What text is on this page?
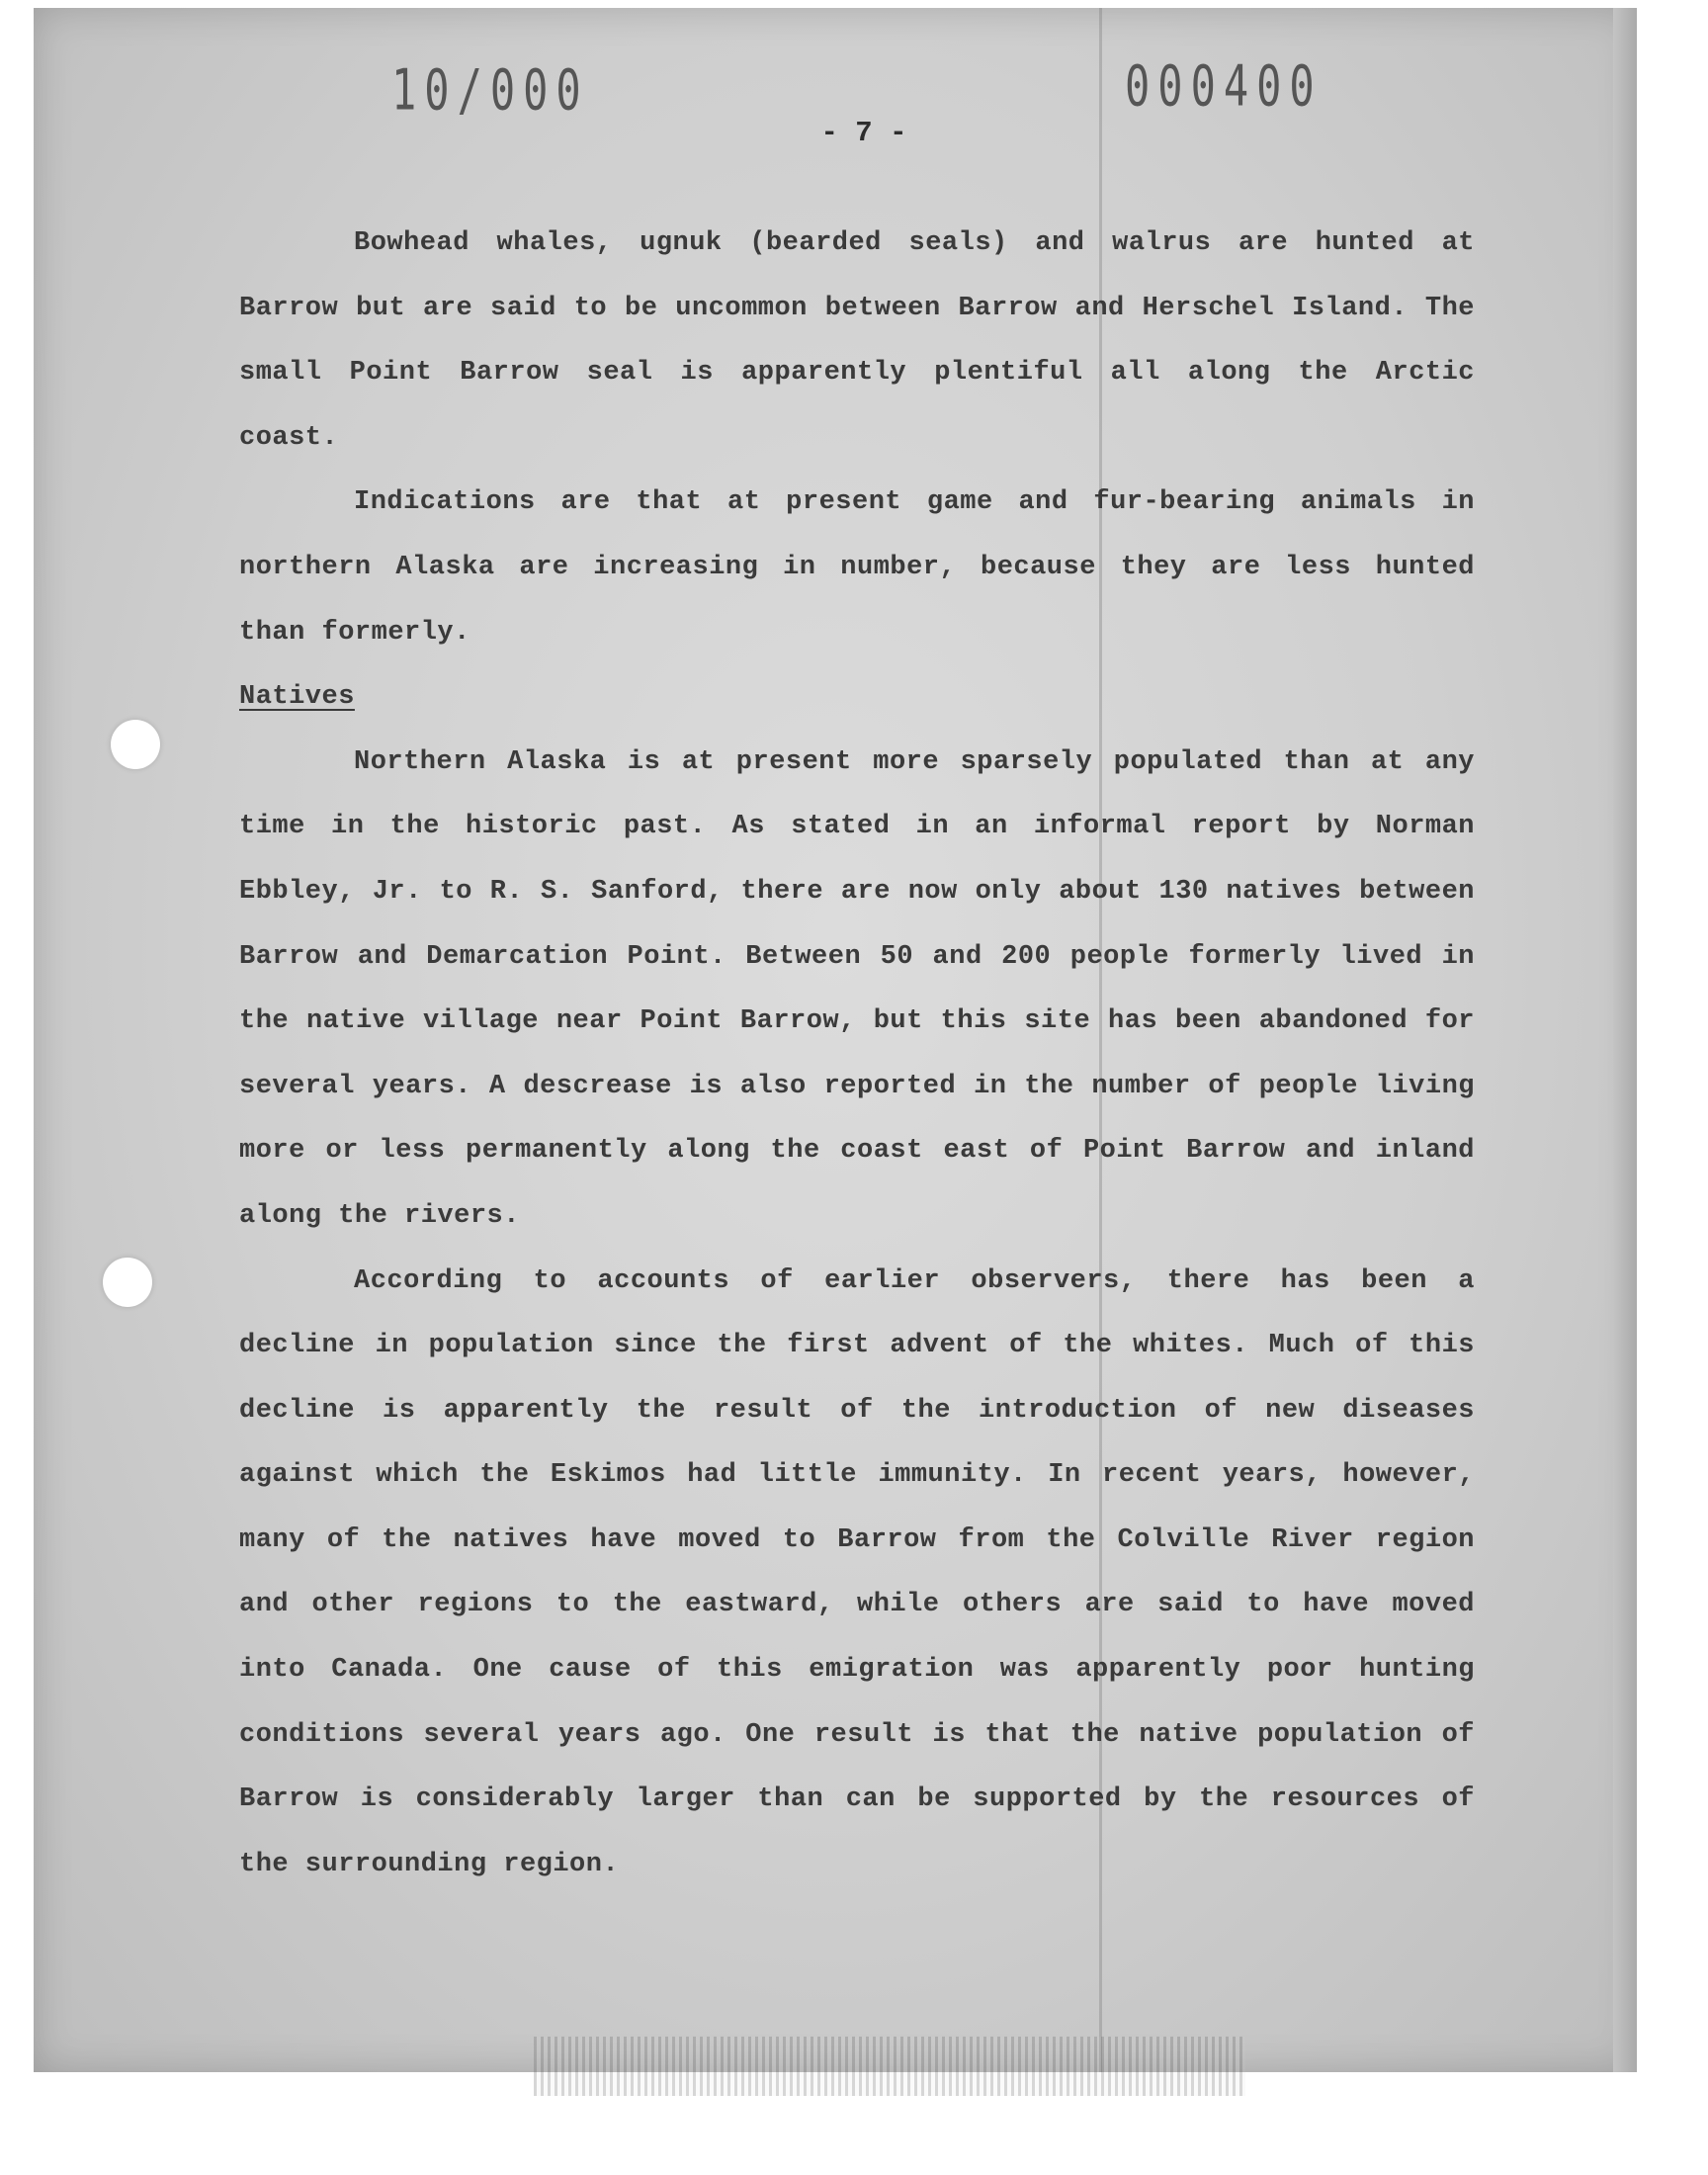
10/000	000400
- 7 -

Bowhead whales, ugnuk (bearded seals) and walrus are hunted at Barrow but are said to be uncommon between Barrow and Herschel Island. The small Point Barrow seal is apparently plentiful all along the Arctic coast.

Indications are that at present game and fur-bearing animals in northern Alaska are increasing in number, because they are less hunted than formerly.

Natives

Northern Alaska is at present more sparsely populated than at any time in the historic past. As stated in an informal report by Norman Ebbley, Jr. to R. S. Sanford, there are now only about 130 natives between Barrow and Demarcation Point. Between 50 and 200 people formerly lived in the native village near Point Barrow, but this site has been abandoned for several years. A descrease is also reported in the number of people living more or less permanently along the coast east of Point Barrow and inland along the rivers.

According to accounts of earlier observers, there has been a decline in population since the first advent of the whites. Much of this decline is apparently the result of the introduction of new diseases against which the Eskimos had little immunity. In recent years, however, many of the natives have moved to Barrow from the Colville River region and other regions to the eastward, while others are said to have moved into Canada. One cause of this emigration was apparently poor hunting conditions several years ago. One result is that the native population of Barrow is considerably larger than can be supported by the resources of the surrounding region.
